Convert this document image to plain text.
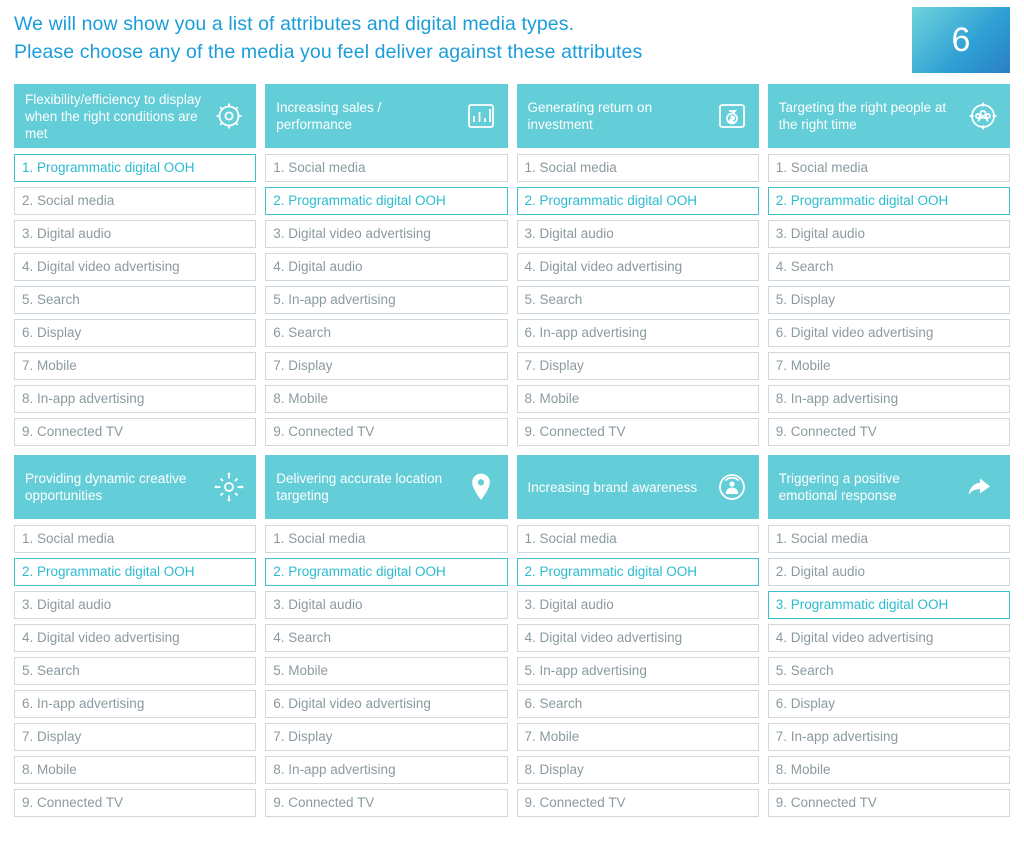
We will now show you a list of attributes and digital media types.
Please choose any of the media you feel deliver against these attributes	6
Flexibility/efficiency to display when the right conditions are met
1. Programmatic digital OOH
2. Social media
3. Digital audio
4. Digital video advertising
5. Search
6. Display
7. Mobile
8. In-app advertising
9. Connected TV
Increasing sales / performance
1. Social media
2. Programmatic digital OOH
3. Digital video advertising
4. Digital audio
5. In-app advertising
6. Search
7. Display
8. Mobile
9. Connected TV
Generating return on investment
1. Social media
2. Programmatic digital OOH
3. Digital audio
4. Digital video advertising
5. Search
6. In-app advertising
7. Display
8. Mobile
9. Connected TV
Targeting the right people at the right time
1. Social media
2. Programmatic digital OOH
3. Digital audio
4. Search
5. Display
6. Digital video advertising
7. Mobile
8. In-app advertising
9. Connected TV
Providing dynamic creative opportunities
1. Social media
2. Programmatic digital OOH
3. Digital audio
4. Digital video advertising
5. Search
6. In-app advertising
7. Display
8. Mobile
9. Connected TV
Delivering accurate location targeting
1. Social media
2. Programmatic digital OOH
3. Digital audio
4. Search
5. Mobile
6. Digital video advertising
7. Display
8. In-app advertising
9. Connected TV
Increasing brand awareness
1. Social media
2. Programmatic digital OOH
3. Digital audio
4. Digital video advertising
5. In-app advertising
6. Search
7. Mobile
8. Display
9. Connected TV
Triggering a positive emotional response
1. Social media
2. Digital audio
3. Programmatic digital OOH
4. Digital video advertising
5. Search
6. Display
7. In-app advertising
8. Mobile
9. Connected TV
